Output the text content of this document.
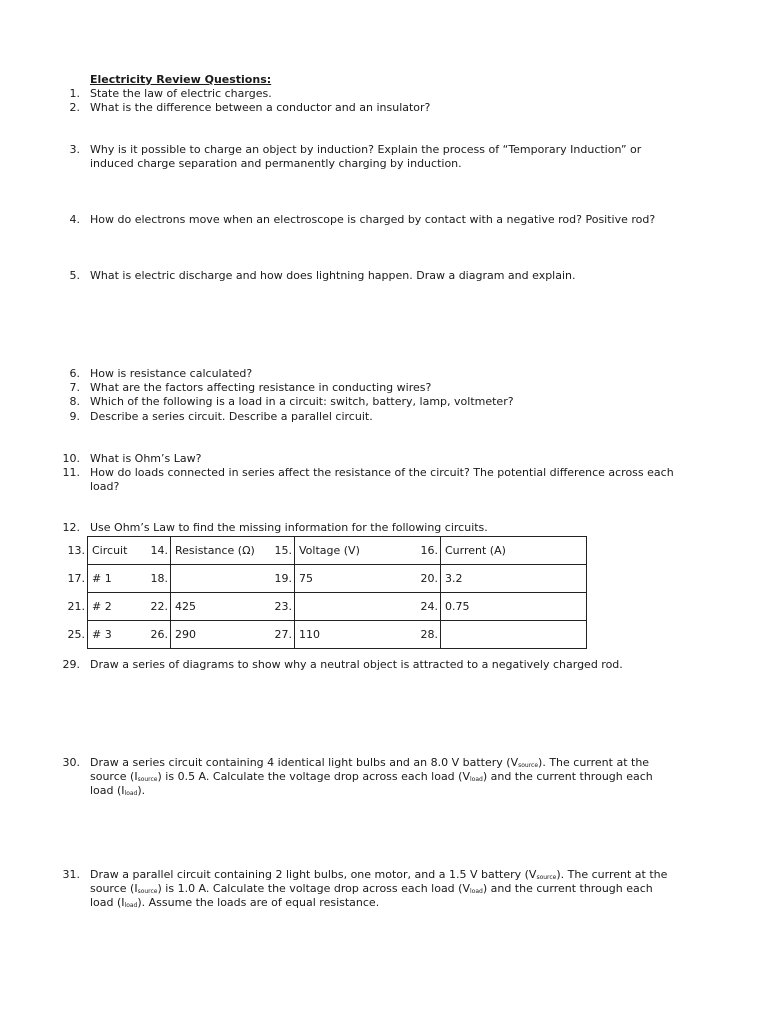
Electricity Review Questions:
1. State the law of electric charges.
2. What is the difference between a conductor and an insulator?
3. Why is it possible to charge an object by induction? Explain the process of “Temporary Induction” or induced charge separation and permanently charging by induction.
4. How do electrons move when an electroscope is charged by contact with a negative rod? Positive rod?
5. What is electric discharge and how does lightning happen. Draw a diagram and explain.
6. How is resistance calculated?
7. What are the factors affecting resistance in conducting wires?
8. Which of the following is a load in a circuit: switch, battery, lamp, voltmeter?
9. Describe a series circuit. Describe a parallel circuit.
10. What is Ohm’s Law?
11. How do loads connected in series affect the resistance of the circuit? The potential difference across each load?
12. Use Ohm’s Law to find the missing information for the following circuits.
13. Circuit	14. Resistance (Ω)	15. Voltage (V)	16. Current (A)

17. # 1	18.	19. 75	20. 3.2

21. # 2	22. 425	23.	24. 0.75

25. # 3	26. 290	27. 110	28.
29. Draw a series of diagrams to show why a neutral object is attracted to a negatively charged rod.
30. Draw a series circuit containing 4 identical light bulbs and an 8.0 V battery $(V_{source})$. The current at the source $(I_{source})$ is 0.5 A. Calculate the voltage drop across each load $(V_{load})$ and the current through each load $(I_{load})$.
31. Draw a parallel circuit containing 2 light bulbs, one motor, and a 1.5 V battery $(V_{source})$. The current at the source $(I_{source})$ is 1.0 A. Calculate the voltage drop across each load $(V_{load})$ and the current through each load $(I_{load})$. Assume the loads are of equal resistance.
